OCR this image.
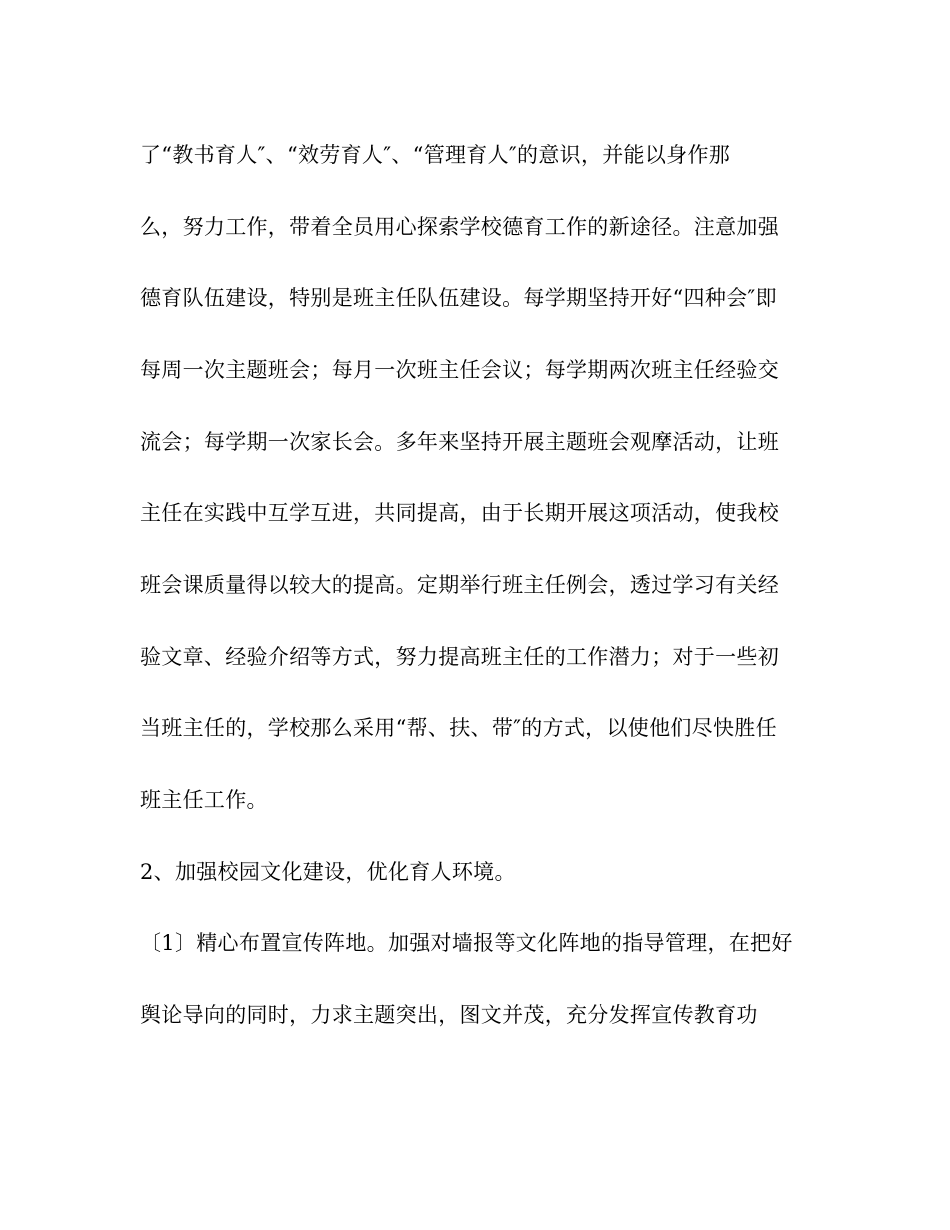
了“教书育人″、“效劳育人″、“管理育人″的意识，并能以身作那
么，努力工作，带着全员用心探索学校德育工作的新途径。注意加强
德育队伍建设，特别是班主任队伍建设。每学期坚持开好“四种会″即
每周一次主题班会；每月一次班主任会议；每学期两次班主任经验交
流会；每学期一次家长会。多年来坚持开展主题班会观摩活动，让班
主任在实践中互学互进，共同提高，由于长期开展这项活动，使我校
班会课质量得以较大的提高。定期举行班主任例会，透过学习有关经
验文章、经验介绍等方式，努力提高班主任的工作潜力；对于一些初
当班主任的，学校那么采用“帮、扶、带″的方式，以使他们尽快胜任
班主任工作。
2、加强校园文化建设，优化育人环境。
〔1〕精心布置宣传阵地。加强对墙报等文化阵地的指导管理，在把好
舆论导向的同时，力求主题突出，图文并茂，充分发挥宣传教育功
